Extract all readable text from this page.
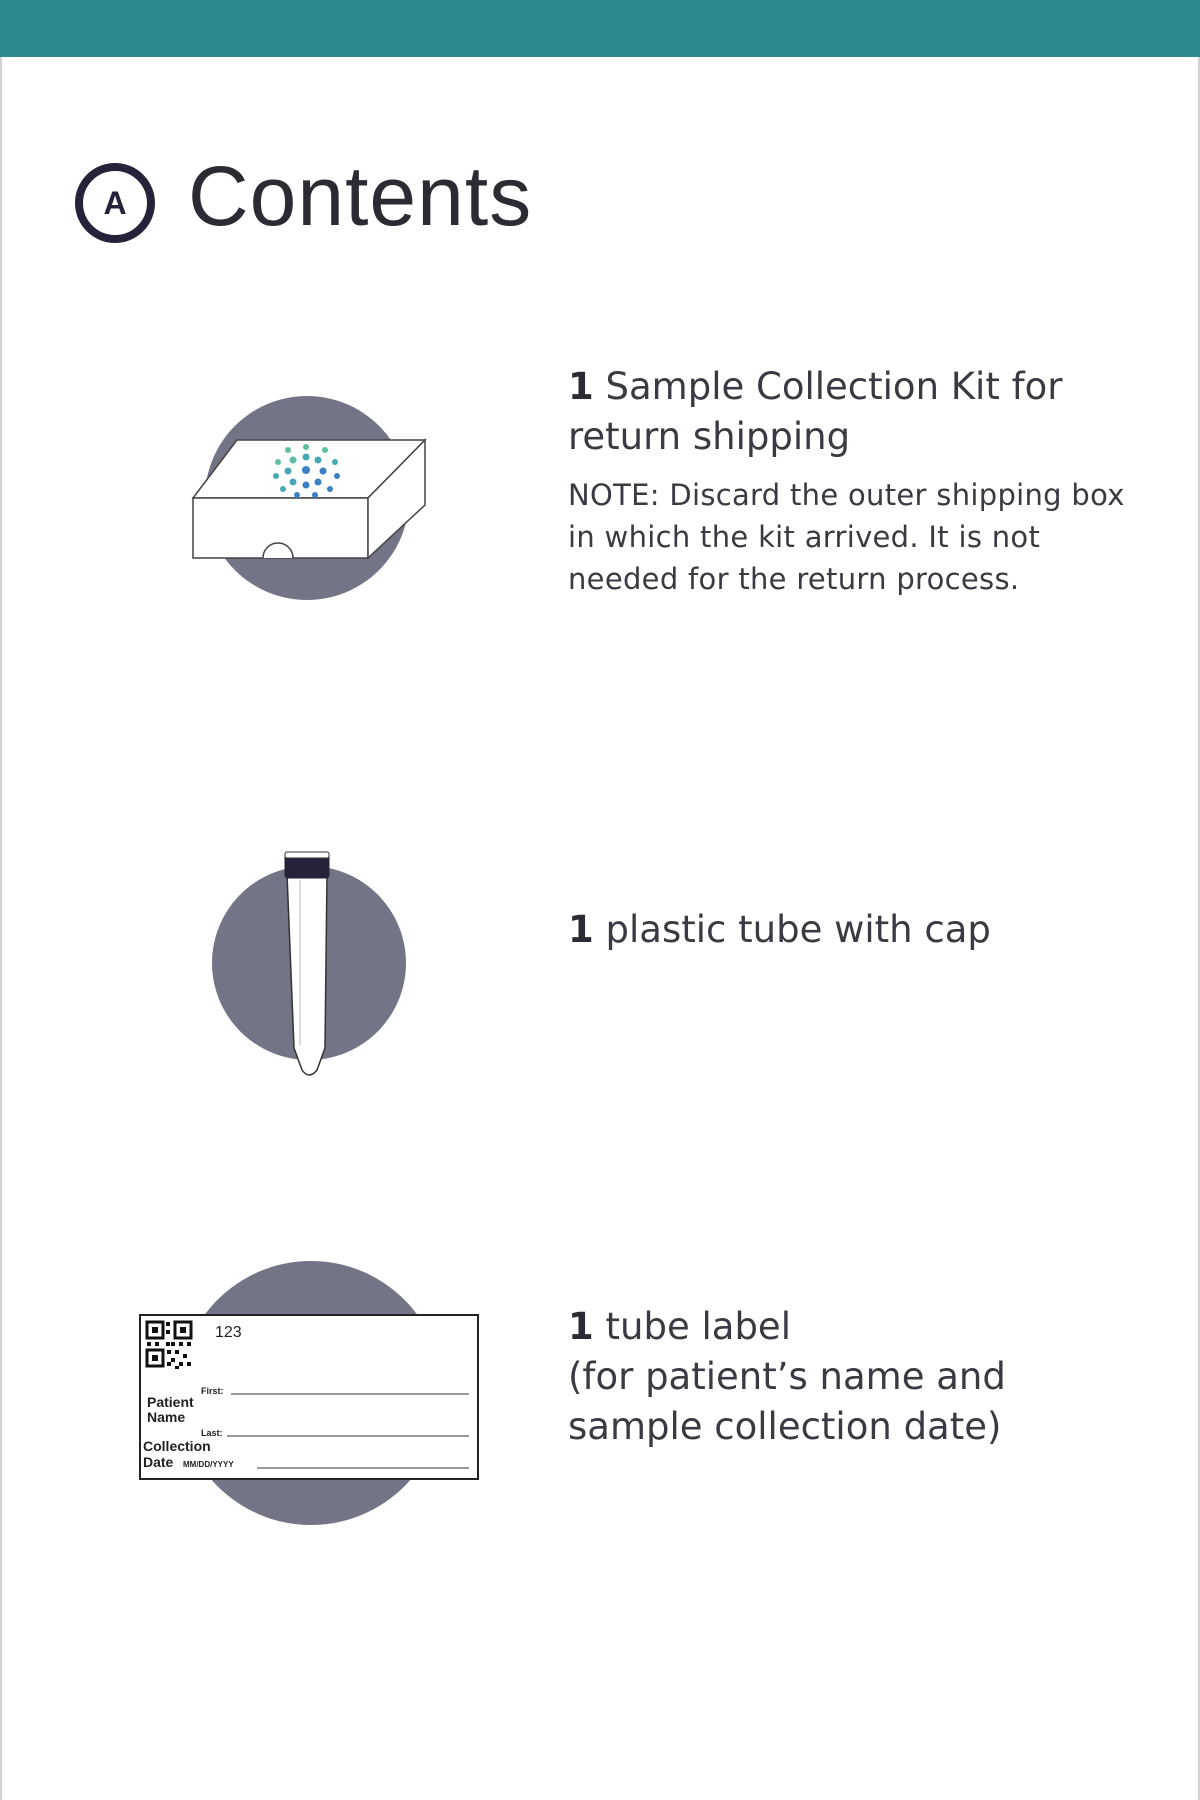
A Contents

1 Sample Collection Kit for
return shipping

NOTE: Discard the outer shipping box in which the kit arrived. It is not needed for the return process.

1 plastic tube with cap

123
First:
Patient
Name
Last:
Collection
Date MM/DD/YYYY

1 tube label
(for patient’s name and
sample collection date)
